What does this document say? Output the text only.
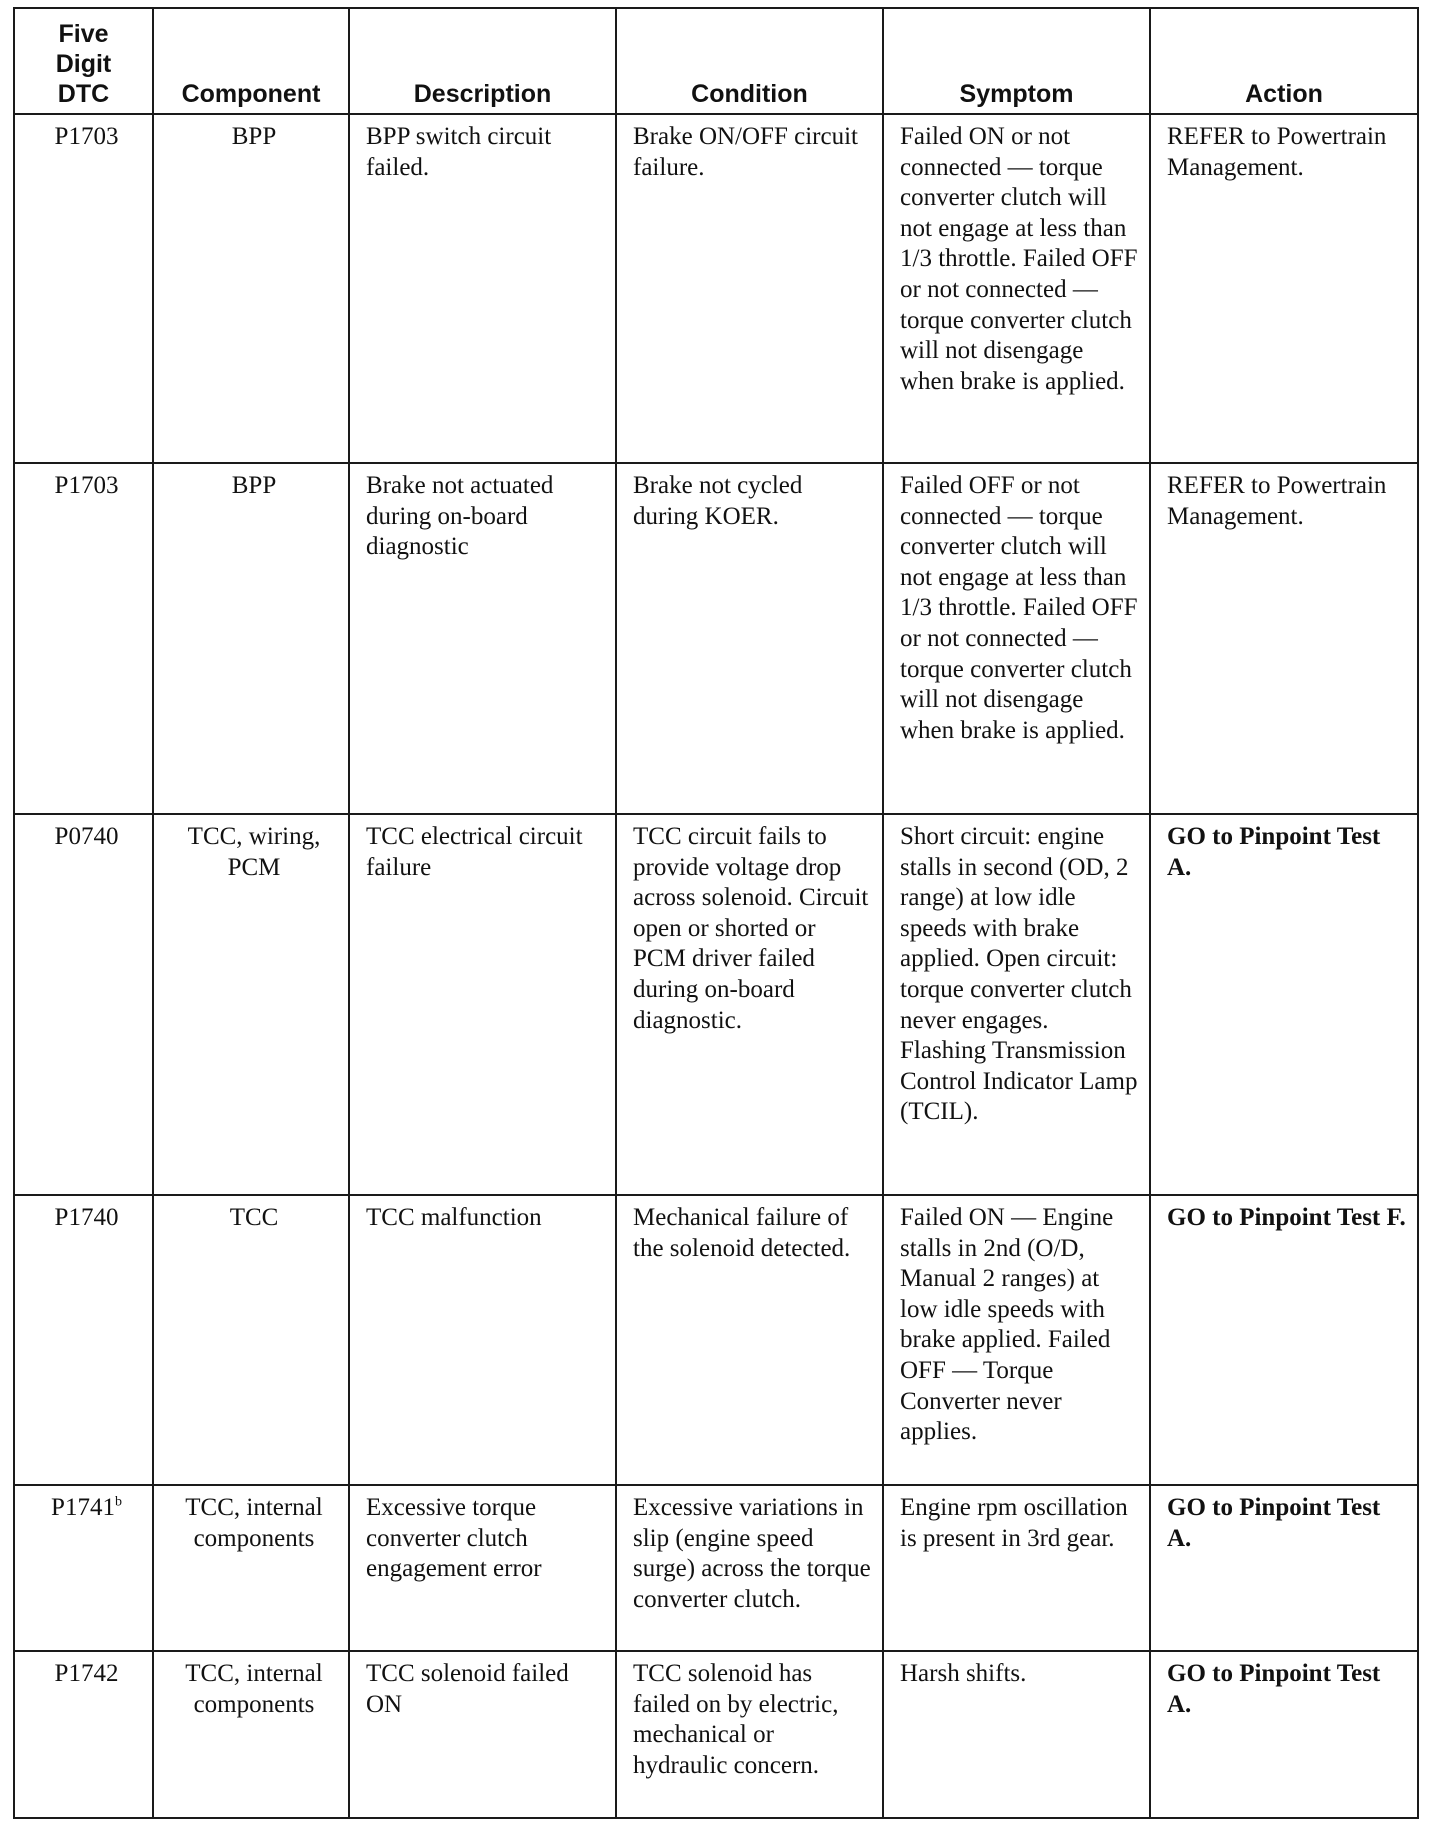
Five
Digit
DTC	Component	Description	Condition	Symptom	Action
P1703	BPP	BPP switch circuit failed.	Brake ON/OFF circuit failure.	Failed ON or not connected — torque converter clutch will not engage at less than 1/3 throttle. Failed OFF or not connected — torque converter clutch will not disengage when brake is applied.	REFER to Powertrain Management.
P1703	BPP	Brake not actuated during on-board diagnostic	Brake not cycled during KOER.	Failed OFF or not connected — torque converter clutch will not engage at less than 1/3 throttle. Failed OFF or not connected — torque converter clutch will not disengage when brake is applied.	REFER to Powertrain Management.
P0740	TCC, wiring, PCM	TCC electrical circuit failure	TCC circuit fails to provide voltage drop across solenoid. Circuit open or shorted or PCM driver failed during on-board diagnostic.	Short circuit: engine stalls in second (OD, 2 range) at low idle speeds with brake applied. Open circuit: torque converter clutch never engages. Flashing Transmission Control Indicator Lamp (TCIL).	GO to Pinpoint Test A.
P1740	TCC	TCC malfunction	Mechanical failure of the solenoid detected.	Failed ON — Engine stalls in 2nd (O/D, Manual 2 ranges) at low idle speeds with brake applied. Failed OFF — Torque Converter never applies.	GO to Pinpoint Test F.
P1741$^b$	TCC, internal components	Excessive torque converter clutch engagement error	Excessive variations in slip (engine speed surge) across the torque converter clutch.	Engine rpm oscillation is present in 3rd gear.	GO to Pinpoint Test A.
P1742	TCC, internal components	TCC solenoid failed ON	TCC solenoid has failed on by electric, mechanical or hydraulic concern.	Harsh shifts.	GO to Pinpoint Test A.
